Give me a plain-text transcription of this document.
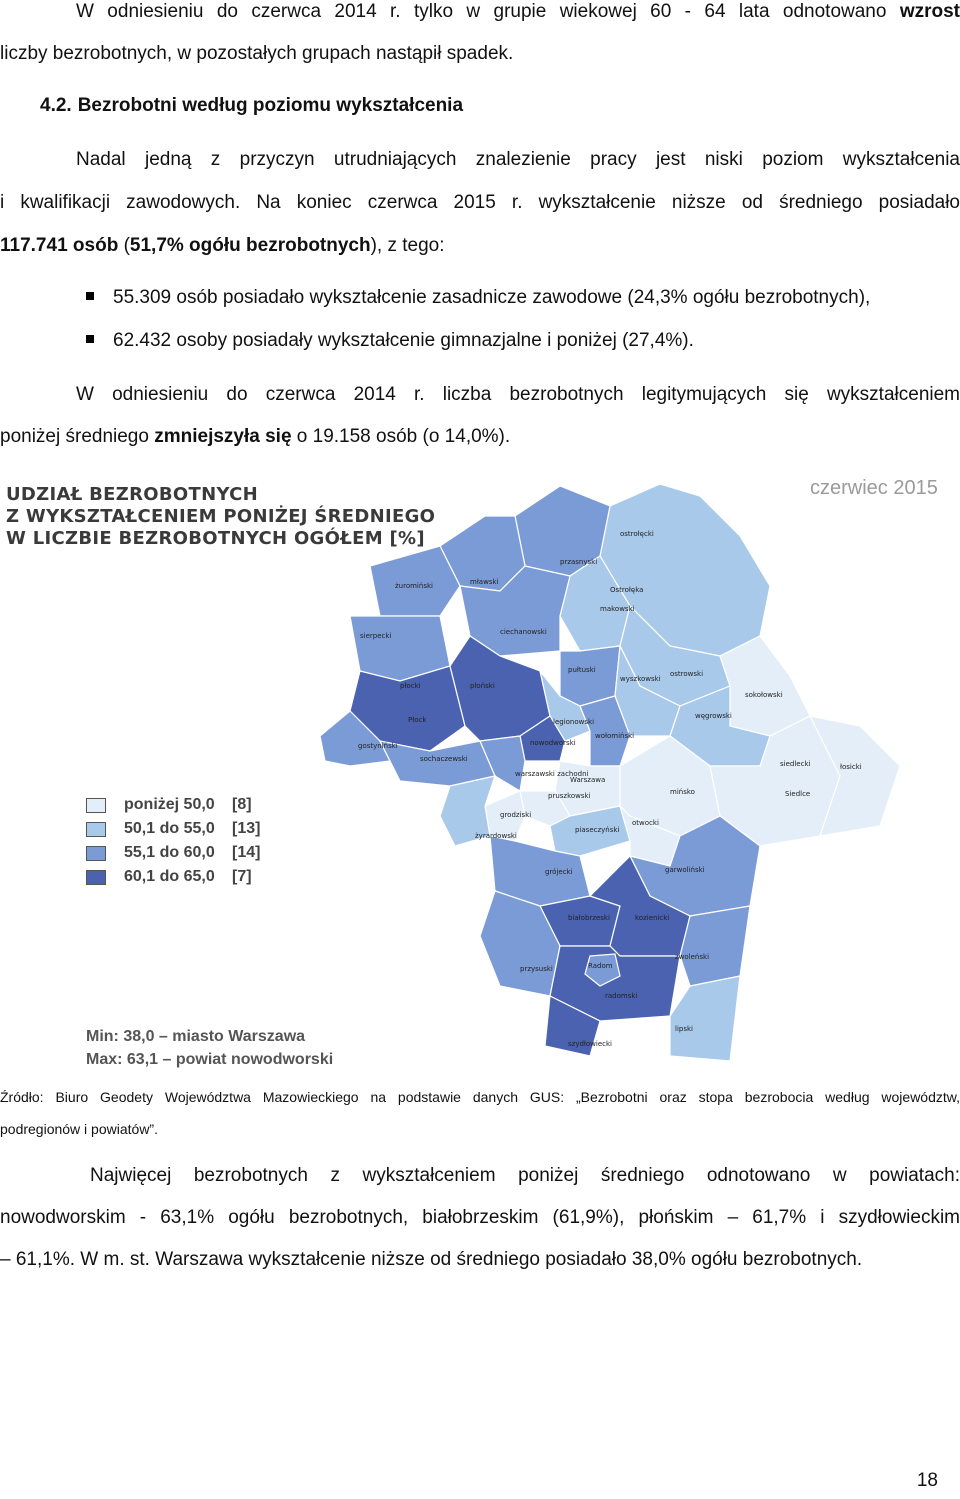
W odniesieniu do czerwca 2014 r. tylko w grupie wiekowej 60 - 64 lata odnotowano wzrost
liczby bezrobotnych, w pozostałych grupach nastąpił spadek.
4.2. Bezrobotni według poziomu wykształcenia
Nadal jedną z przyczyn utrudniających znalezienie pracy jest niski poziom wykształcenia
i kwalifikacji zawodowych. Na koniec czerwca 2015 r. wykształcenie niższe od średniego posiadało
117.741 osób (51,7% ogółu bezrobotnych), z tego:
55.309 osób posiadało wykształcenie zasadnicze zawodowe (24,3% ogółu bezrobotnych),
62.432 osoby posiadały wykształcenie gimnazjalne i poniżej (27,4%).
W odniesieniu do czerwca 2014 r. liczba bezrobotnych legitymujących się wykształceniem
poniżej średniego zmniejszyła się o 19.158 osób (o 14,0%).
UDZIAŁ BEZROBOTNYCH
Z WYKSZTAŁCENIEM PONIŻEJ ŚREDNIEGO
W LICZBIE BEZROBOTNYCH OGÓŁEM [%]
czerwiec 2015
ostrołęcki
przasnyski
żuromiński	mławski
Ostrołęka
makowski
ciechanowski
ostrowski
sierpecki
płocki	płoński
pułtuski
wyszkowski
sokołowski
Płock	węgrowski
legionowski
wołomiński
gostyniński	nowodworski
sochaczewski
warszawski zachodni
Warszawa
siedlecki	łosicki
Siedlce
mińsko
pruszkowski
grodziski
piaseczyński
otwocki
żyrardowski
garwoliński
grójecki
białobrzeski	kozienicki
Radom
przysuski
zwoleński
radomski
szydłowiecki
lipski
poniżej 50,0	[8]
50,1 do 55,0	[13]
55,1 do 60,0	[14]
60,1 do 65,0	[7]
Min: 38,0 – miasto Warszawa
Max: 63,1 – powiat nowodworski
Źródło: Biuro Geodety Województwa Mazowieckiego na podstawie danych GUS: „Bezrobotni oraz stopa bezrobocia według województw,
podregionów i powiatów”.
Najwięcej bezrobotnych z wykształceniem poniżej średniego odnotowano w powiatach:
nowodworskim - 63,1% ogółu bezrobotnych, białobrzeskim (61,9%), płońskim – 61,7% i szydłowieckim
– 61,1%. W m. st. Warszawa wykształcenie niższe od średniego posiadało 38,0% ogółu bezrobotnych.
18
